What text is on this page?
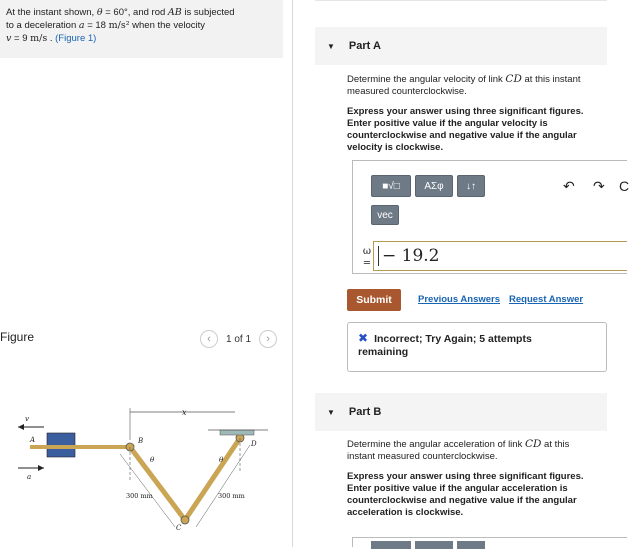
At the instant shown, θ = 60°, and rod AB is subjected
to a deceleration a = 18 m/s² when the velocity
v = 9 m/s . (Figure 1)
Figure	‹ 1 of 1 ›
x
v
a
A	B
C
D
θ	θ
300 mm	300 mm
▼ Part A
Determine the angular velocity of link CD at this instant
measured counterclockwise.
Express your answer using three significant figures.
Enter positive value if the angular velocity is
counterclockwise and negative value if the angular
velocity is clockwise.
■√□ ΑΣφ ↓↑
vec
↶ ↷ C
ω
= − 19.2
Submit	Previous Answers Request Answer
✖ Incorrect; Try Again; 5 attempts
remaining
▼ Part B
Determine the angular acceleration of link CD at this
instant measured counterclockwise.
Express your answer using three significant figures.
Enter positive value if the angular acceleration is
counterclockwise and negative value if the angular
acceleration is clockwise.
